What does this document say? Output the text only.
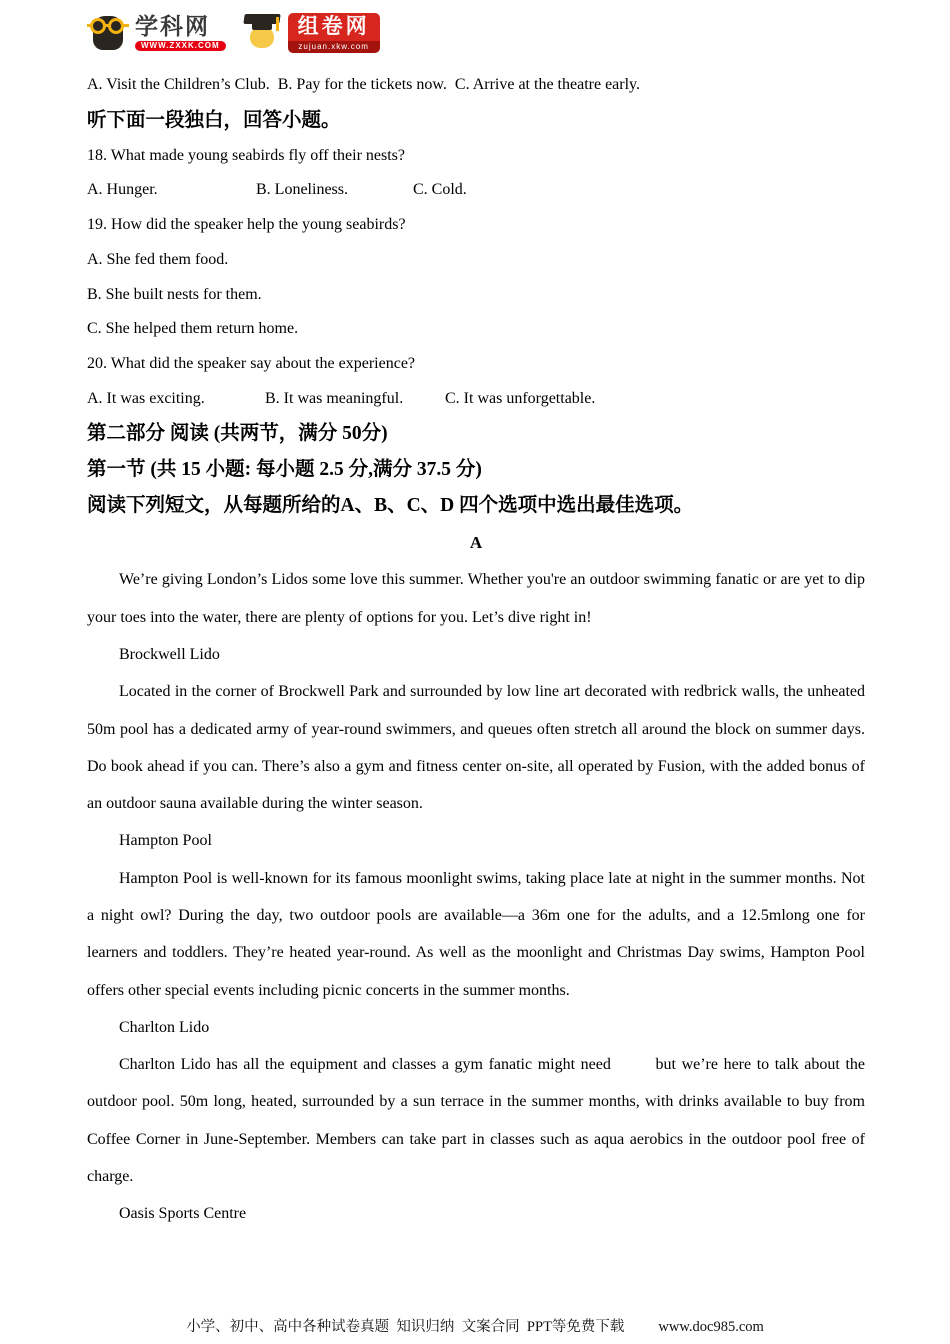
学科网
WWW.ZXXK.COM
组卷网
zujuan.xkw.com
A. Visit the Children’s Club.  B. Pay for the tickets now.  C. Arrive at the theatre early.
听下面一段独白，回答小题。
18. What made young seabirds fly off their nests?
A. Hunger.	B. Loneliness.	C. Cold.
19. How did the speaker help the young seabirds?
A. She fed them food.
B. She built nests for them.
C. She helped them return home.
20. What did the speaker say about the experience?
A. It was exciting.	B. It was meaningful.	C. It was unforgettable.
第二部分 阅读 (共两节，满分 50分)
第一节 (共 15 小题: 每小题 2.5 分,满分 37.5 分)
阅读下列短文，从每题所给的A、B、C、D 四个选项中选出最佳选项。
A
We’re giving London’s Lidos some love this summer. Whether you're an outdoor swimming fanatic or are yet to dip your toes into the water, there are plenty of options for you. Let’s dive right in!
Brockwell Lido
Located in the corner of Brockwell Park and surrounded by low line art decorated with redbrick walls, the unheated 50m pool has a dedicated army of year-round swimmers, and queues often stretch all around the block on summer days. Do book ahead if you can. There’s also a gym and fitness center on-site, all operated by Fusion, with the added bonus of an outdoor sauna available during the winter season.
Hampton Pool
Hampton Pool is well-known for its famous moonlight swims, taking place late at night in the summer months. Not a night owl? During the day, two outdoor pools are available—a 36m one for the adults, and a 12.5mlong one for learners and toddlers. They’re heated year-round. As well as the moonlight and Christmas Day swims, Hampton Pool offers other special events including picnic concerts in the summer months.
Charlton Lido
Charlton Lido has all the equipment and classes a gym fanatic might need        but we’re here to talk about the outdoor pool. 50m long, heated, surrounded by a sun terrace in the summer months, with drinks available to buy from Coffee Corner in June-September. Members can take part in classes such as aqua aerobics in the outdoor pool free of charge.
Oasis Sports Centre
小学、初中、高中各种试卷真题  知识归纳  文案合同  PPT等免费下载 www.doc985.com
